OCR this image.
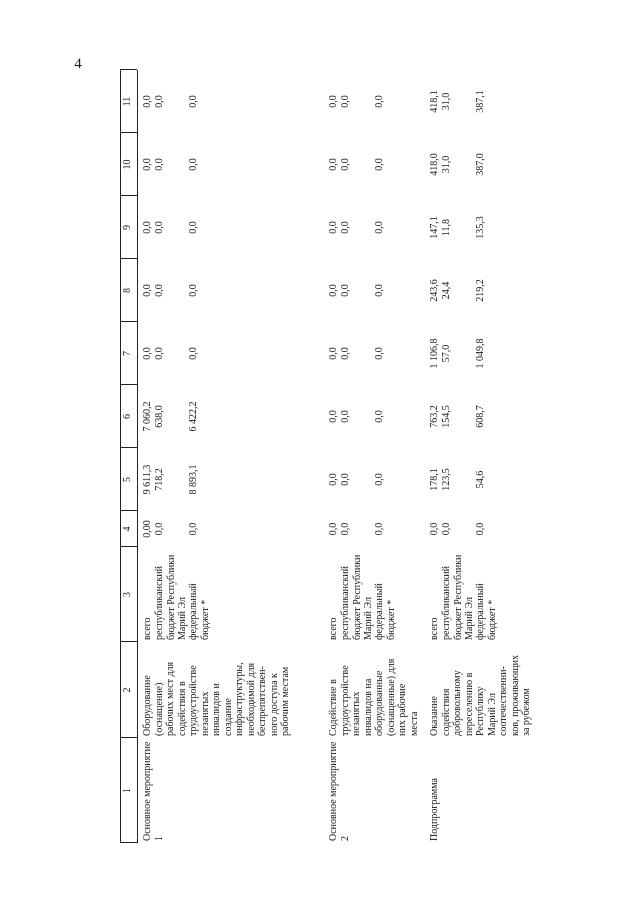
4
1
2
3
4
5
6
7
8
9
10
11
Основное мероприятие 1
Оборудование (оснащение) рабочих мест для содействия в трудоустройстве незанятых инвалидов и создание инфраструктуры, необходимой для беспрепятствен- ного доступа к рабочим местам
всего
0,00
9 611,3
7 060,2
0,0
0,0
0,0
0,0
0,0
республиканский бюджет Республики Марий Эл
0,0
718,2
638,0
0,0
0,0
0,0
0,0
0,0
федеральный бюджет *
0,0
8 893,1
6 422,2
0,0
0,0
0,0
0,0
0,0
Основное мероприятие 2
Содействие в трудоустройстве незанятых инвалидов на оборудованные (оснащенные) для них рабочие места
всего
0,0
0,0
0,0
0,0
0,0
0,0
0,0
0,0
республиканский бюджет Республики Марий Эл
0,0
0,0
0,0
0,0
0,0
0,0
0,0
0,0
федеральный бюджет *
0,0
0,0
0,0
0,0
0,0
0,0
0,0
0,0
Подпрограмма
Оказание содействия добровольному переселению в Республику Марий Эл соотечественни- ков, проживающих за рубежом
всего
0,0
178,1
763,2
1 106,8
243,6
147,1
418,0
418,1
республиканский бюджет Республики Марий Эл
0,0
123,5
154,5
57,0
24,4
11,8
31,0
31,0
федеральный бюджет *
0,0
54,6
608,7
1 049,8
219,2
135,3
387,0
387,1
